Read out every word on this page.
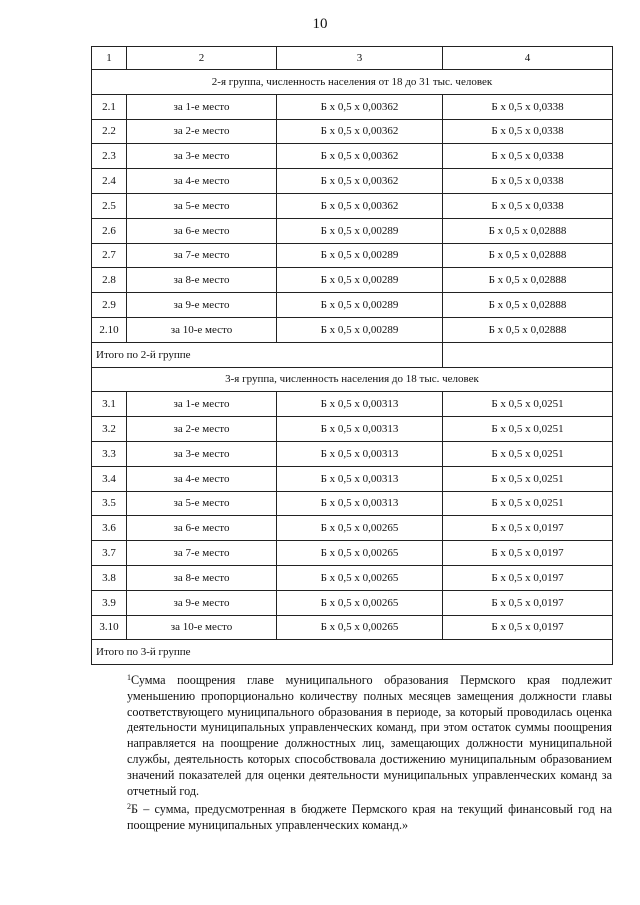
10
1	2	3	4
2-я группа, численность населения от 18 до 31 тыс. человек			
2.1	за 1-е место	Б х 0,5 х 0,00362	Б х 0,5 х 0,0338
2.2	за 2-е место	Б х 0,5 х 0,00362	Б х 0,5 х 0,0338
2.3	за 3-е место	Б х 0,5 х 0,00362	Б х 0,5 х 0,0338
2.4	за 4-е место	Б х 0,5 х 0,00362	Б х 0,5 х 0,0338
2.5	за 5-е место	Б х 0,5 х 0,00362	Б х 0,5 х 0,0338
2.6	за 6-е место	Б х 0,5 х 0,00289	Б х 0,5 х 0,02888
2.7	за 7-е место	Б х 0,5 х 0,00289	Б х 0,5 х 0,02888
2.8	за 8-е место	Б х 0,5 х 0,00289	Б х 0,5 х 0,02888
2.9	за 9-е место	Б х 0,5 х 0,00289	Б х 0,5 х 0,02888
2.10	за 10-е место	Б х 0,5 х 0,00289	Б х 0,5 х 0,02888
Итого по 2-й группе			
3-я группа, численность населения до 18 тыс. человек			
3.1	за 1-е место	Б х 0,5 х 0,00313	Б х 0,5 х 0,0251
3.2	за 2-е место	Б х 0,5 х 0,00313	Б х 0,5 х 0,0251
3.3	за 3-е место	Б х 0,5 х 0,00313	Б х 0,5 х 0,0251
3.4	за 4-е место	Б х 0,5 х 0,00313	Б х 0,5 х 0,0251
3.5	за 5-е место	Б х 0,5 х 0,00313	Б х 0,5 х 0,0251
3.6	за 6-е место	Б х 0,5 х 0,00265	Б х 0,5 х 0,0197
3.7	за 7-е место	Б х 0,5 х 0,00265	Б х 0,5 х 0,0197
3.8	за 8-е место	Б х 0,5 х 0,00265	Б х 0,5 х 0,0197
3.9	за 9-е место	Б х 0,5 х 0,00265	Б х 0,5 х 0,0197
3.10	за 10-е место	Б х 0,5 х 0,00265	Б х 0,5 х 0,0197
Итого по 3-й группе			

$^1$Сумма поощрения главе муниципального образования Пермского края подлежит уменьшению пропорционально количеству полных месяцев замещения должности главы соответствующего муниципального образования в периоде, за который проводилась оценка деятельности муниципальных управленческих команд, при этом остаток суммы поощрения направляется на поощрение должностных лиц, замещающих должности муниципальной службы, деятельность которых способствовала достижению муниципальным образованием значений показателей для оценки деятельности муниципальных управленческих команд за отчетный год.

$^2$Б – сумма, предусмотренная в бюджете Пермского края на текущий финансовый год на поощрение муниципальных управленческих команд.»
